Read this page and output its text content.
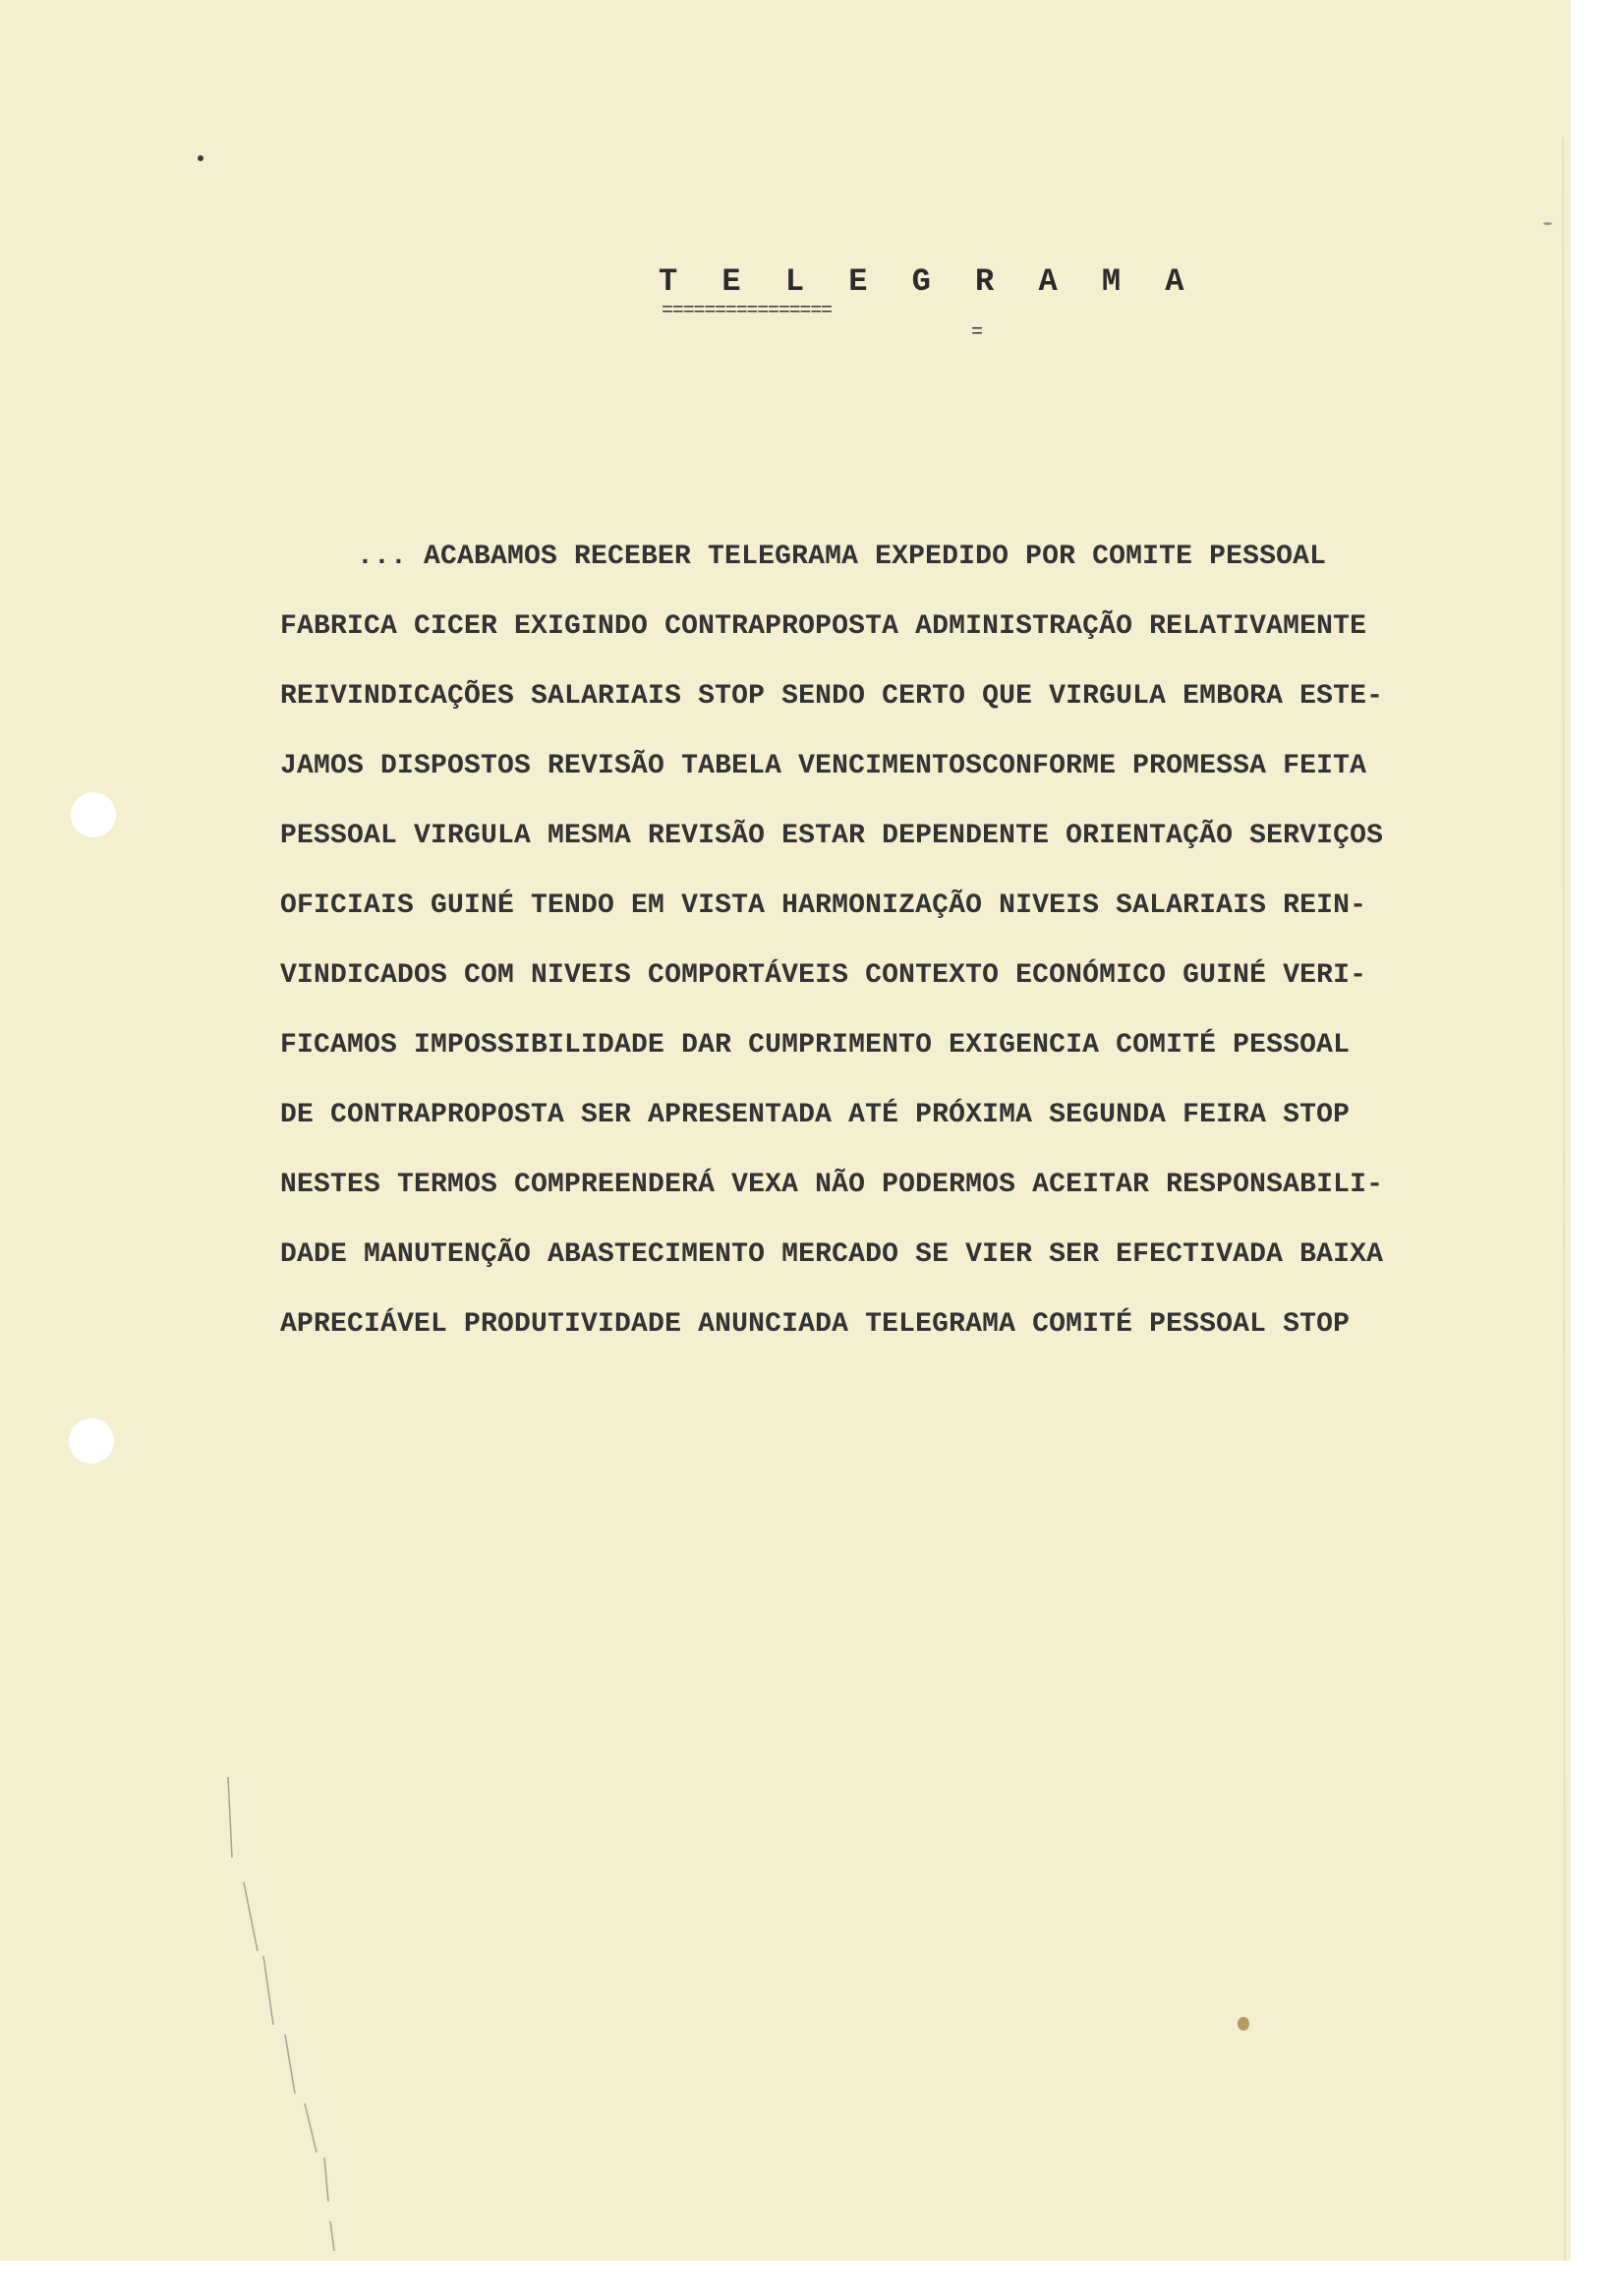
T E L E G R A M A
================
=
... ACABAMOS RECEBER TELEGRAMA EXPEDIDO POR COMITE PESSOAL
FABRICA CICER EXIGINDO CONTRAPROPOSTA ADMINISTRAÇÃO RELATIVAMENTE
REIVINDICAÇÕES SALARIAIS STOP SENDO CERTO QUE VIRGULA EMBORA ESTE-
JAMOS DISPOSTOS REVISÃO TABELA VENCIMENTOSCONFORME PROMESSA FEITA
PESSOAL VIRGULA MESMA REVISÃO ESTAR DEPENDENTE ORIENTAÇÃO SERVIÇOS
OFICIAIS GUINÉ TENDO EM VISTA HARMONIZAÇÃO NIVEIS SALARIAIS REIN-
VINDICADOS COM NIVEIS COMPORTÁVEIS CONTEXTO ECONÓMICO GUINÉ VERI-
FICAMOS IMPOSSIBILIDADE DAR CUMPRIMENTO EXIGENCIA COMITÉ PESSOAL
DE CONTRAPROPOSTA SER APRESENTADA ATÉ PRÓXIMA SEGUNDA FEIRA STOP
NESTES TERMOS COMPREENDERÁ VEXA NÃO PODERMOS ACEITAR RESPONSABILI-
DADE MANUTENÇÃO ABASTECIMENTO MERCADO SE VIER SER EFECTIVADA BAIXA
APRECIÁVEL PRODUTIVIDADE ANUNCIADA TELEGRAMA COMITÉ PESSOAL STOP
